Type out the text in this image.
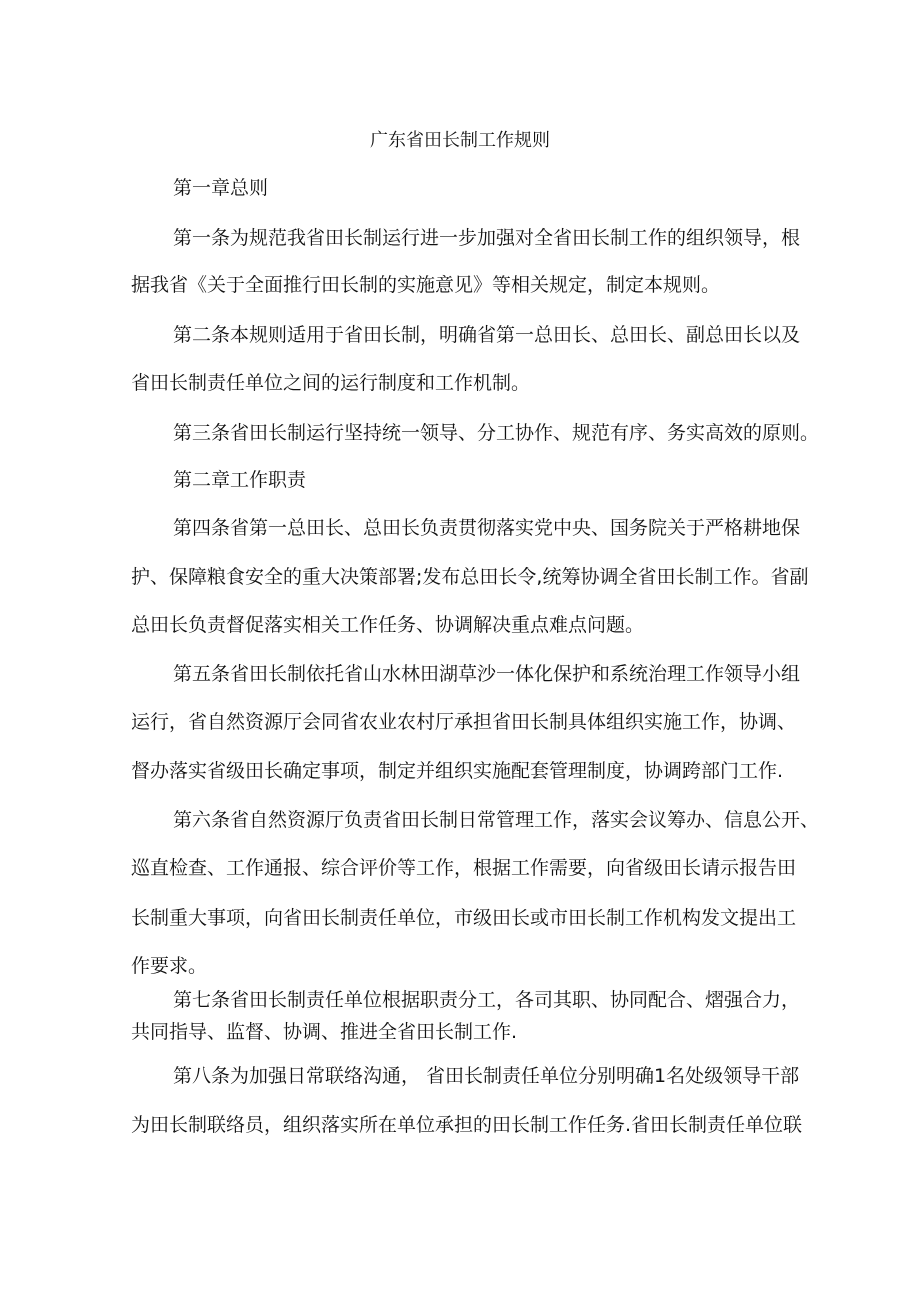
广东省田长制工作规则

第一章总则

第一条为规范我省田长制运行进一步加强对全省田长制工作的组织领导，根

据我省《关于全面推行田长制的实施意见》等相关规定，制定本规则。

第二条本规则适用于省田长制，明确省第一总田长、总田长、副总田长以及

省田长制责任单位之间的运行制度和工作机制。

第三条省田长制运行坚持统一领导、分工协作、规范有序、务实高效的原则。

第二章工作职责

第四条省第一总田长、总田长负责贯彻落实党中央、国务院关于严格耕地保

护、保障粮食安全的重大决策部署;发布总田长令,统筹协调全省田长制工作。省副

总田长负责督促落实相关工作任务、协调解决重点难点问题。

第五条省田长制依托省山水林田湖草沙一体化保护和系统治理工作领导小组

运行，省自然资源厅会同省农业农村厅承担省田长制具体组织实施工作，协调、

督办落实省级田长确定事项，制定并组织实施配套管理制度，协调跨部门工作.

第六条省自然资源厅负责省田长制日常管理工作，落实会议筹办、信息公开、

巡直检查、工作通报、综合评价等工作，根据工作需要，向省级田长请示报告田

长制重大事项，向省田长制责任单位，市级田长或市田长制工作机构发文提出工

作要求。

第七条省田长制责任单位根据职责分工，各司其职、协同配合、熠强合力，

共同指导、监督、协调、推进全省田长制工作.

第八条为加强日常联络沟通， 省田长制责任单位分别明确1名处级领导干部

为田长制联络员，组织落实所在单位承担的田长制工作任务.省田长制责任单位联
